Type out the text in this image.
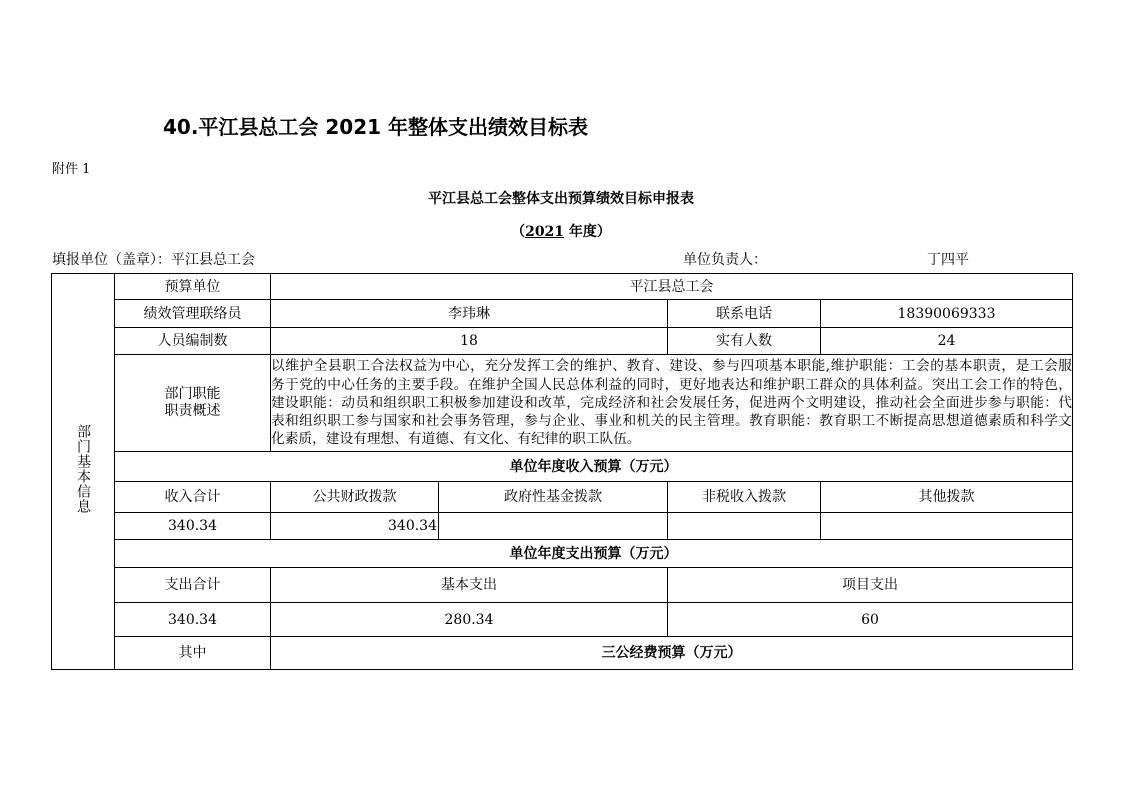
40.平江县总工会 2021 年整体支出绩效目标表
附件 1
平江县总工会整体支出预算绩效目标申报表
（2021 年度）
填报单位（盖章）：平江县总工会	单位负责人：	丁四平
部门基本信息	预算单位	平江县总工会			
	绩效管理联络员	李玮琳		联系电话	18390069333
	人员编制数	18		实有人数	24

	部门职能
职责概述	以维护全县职工合法权益为中心，充分发挥工会的维护、教育、建设、参与四项基本职能,维护职能：工会的基本职责，是工会服
务于党的中心任务的主要手段。在维护全国人民总体利益的同时，更好地表达和维护职工群众的具体利益。突出工会工作的特色，
建设职能：动员和组织职工积极参加建设和改革，完成经济和社会发展任务，促进两个文明建设，推动社会全面进步参与职能：代
表和组织职工参与国家和社会事务管理，参与企业、事业和机关的民主管理。教育职能：教育职工不断提高思想道德素质和科学文
化素质，建设有理想、有道德、有文化、有纪律的职工队伍。			

	单位年度收入预算（万元）				
	收入合计	公共财政拨款	政府性基金拨款	非税收入拨款	其他拨款
	340.34	340.34			
	单位年度支出预算（万元）				
	支出合计	基本支出		项目支出	
	340.34	280.34		60	
	其中	三公经费预算（万元）			
